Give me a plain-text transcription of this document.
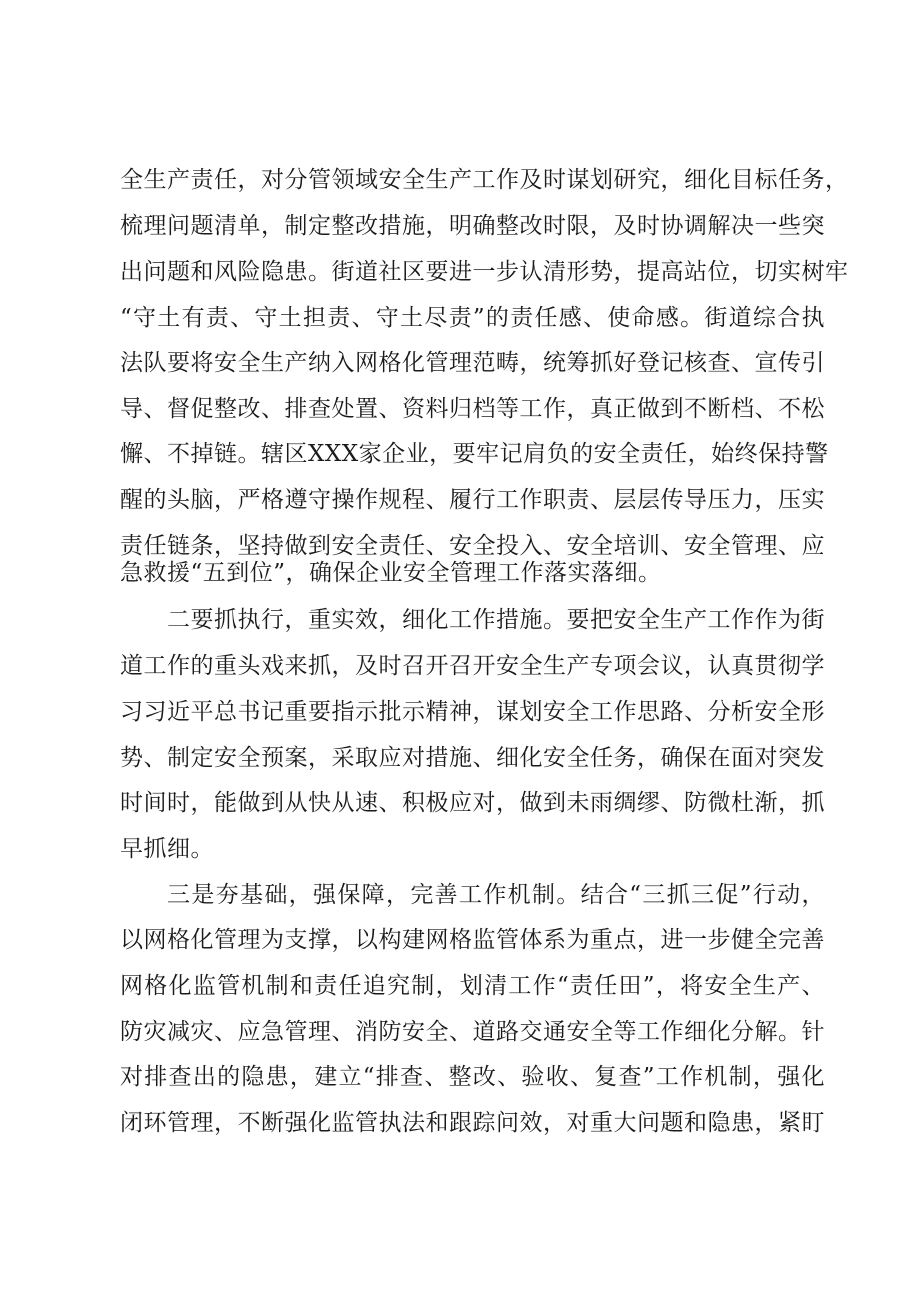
全生产责任，对分管领域安全生产工作及时谋划研究，细化目标任务，
梳理问题清单，制定整改措施，明确整改时限，及时协调解决一些突
出问题和风险隐患。街道社区要进一步认清形势，提高站位，切实树牢
“守土有责、守土担责、守土尽责”的责任感、使命感。街道综合执
法队要将安全生产纳入网格化管理范畴，统筹抓好登记核查、宣传引
导、督促整改、排查处置、资料归档等工作，真正做到不断档、不松
懈、不掉链。辖区XXX家企业，要牢记肩负的安全责任，始终保持警
醒的头脑，严格遵守操作规程、履行工作职责、层层传导压力，压实
责任链条，坚持做到安全责任、安全投入、安全培训、安全管理、应
急救援“五到位”，确保企业安全管理工作落实落细。
二要抓执行，重实效，细化工作措施。要把安全生产工作作为街
道工作的重头戏来抓，及时召开召开安全生产专项会议，认真贯彻学
习习近平总书记重要指示批示精神，谋划安全工作思路、分析安全形
势、制定安全预案，采取应对措施、细化安全任务，确保在面对突发
时间时，能做到从快从速、积极应对，做到未雨绸缪、防微杜渐，抓
早抓细。
三是夯基础，强保障，完善工作机制。结合“三抓三促”行动，
以网格化管理为支撑，以构建网格监管体系为重点，进一步健全完善
网格化监管机制和责任追究制，划清工作“责任田”，将安全生产、
防灾减灾、应急管理、消防安全、道路交通安全等工作细化分解。针
对排查出的隐患，建立“排查、整改、验收、复查”工作机制，强化
闭环管理，不断强化监管执法和跟踪问效，对重大问题和隐患，紧盯
